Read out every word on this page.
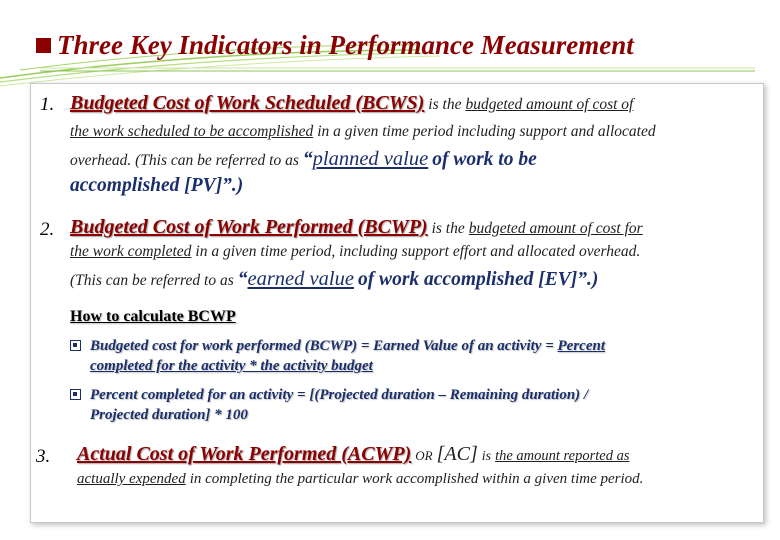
Three Key Indicators in Performance Measurement
1. Budgeted Cost of Work Scheduled (BCWS) is the budgeted amount of cost of
the work scheduled to be accomplished in a given time period including support and allocated
overhead. (This can be referred to as “planned value of work to be
accomplished [PV]”.)
2. Budgeted Cost of Work Performed (BCWP) is the budgeted amount of cost for
the work completed in a given time period, including support effort and allocated overhead.
(This can be referred to as “earned value of work accomplished [EV]”.)
How to calculate BCWP
Budgeted cost for work performed (BCWP) = Earned Value of an activity = Percent
completed for the activity * the activity budget
Percent completed for an activity = [(Projected duration – Remaining duration) /
Projected duration] * 100
3. Actual Cost of Work Performed (ACWP) OR [AC] is the amount reported as
actually expended in completing the particular work accomplished within a given time period.
